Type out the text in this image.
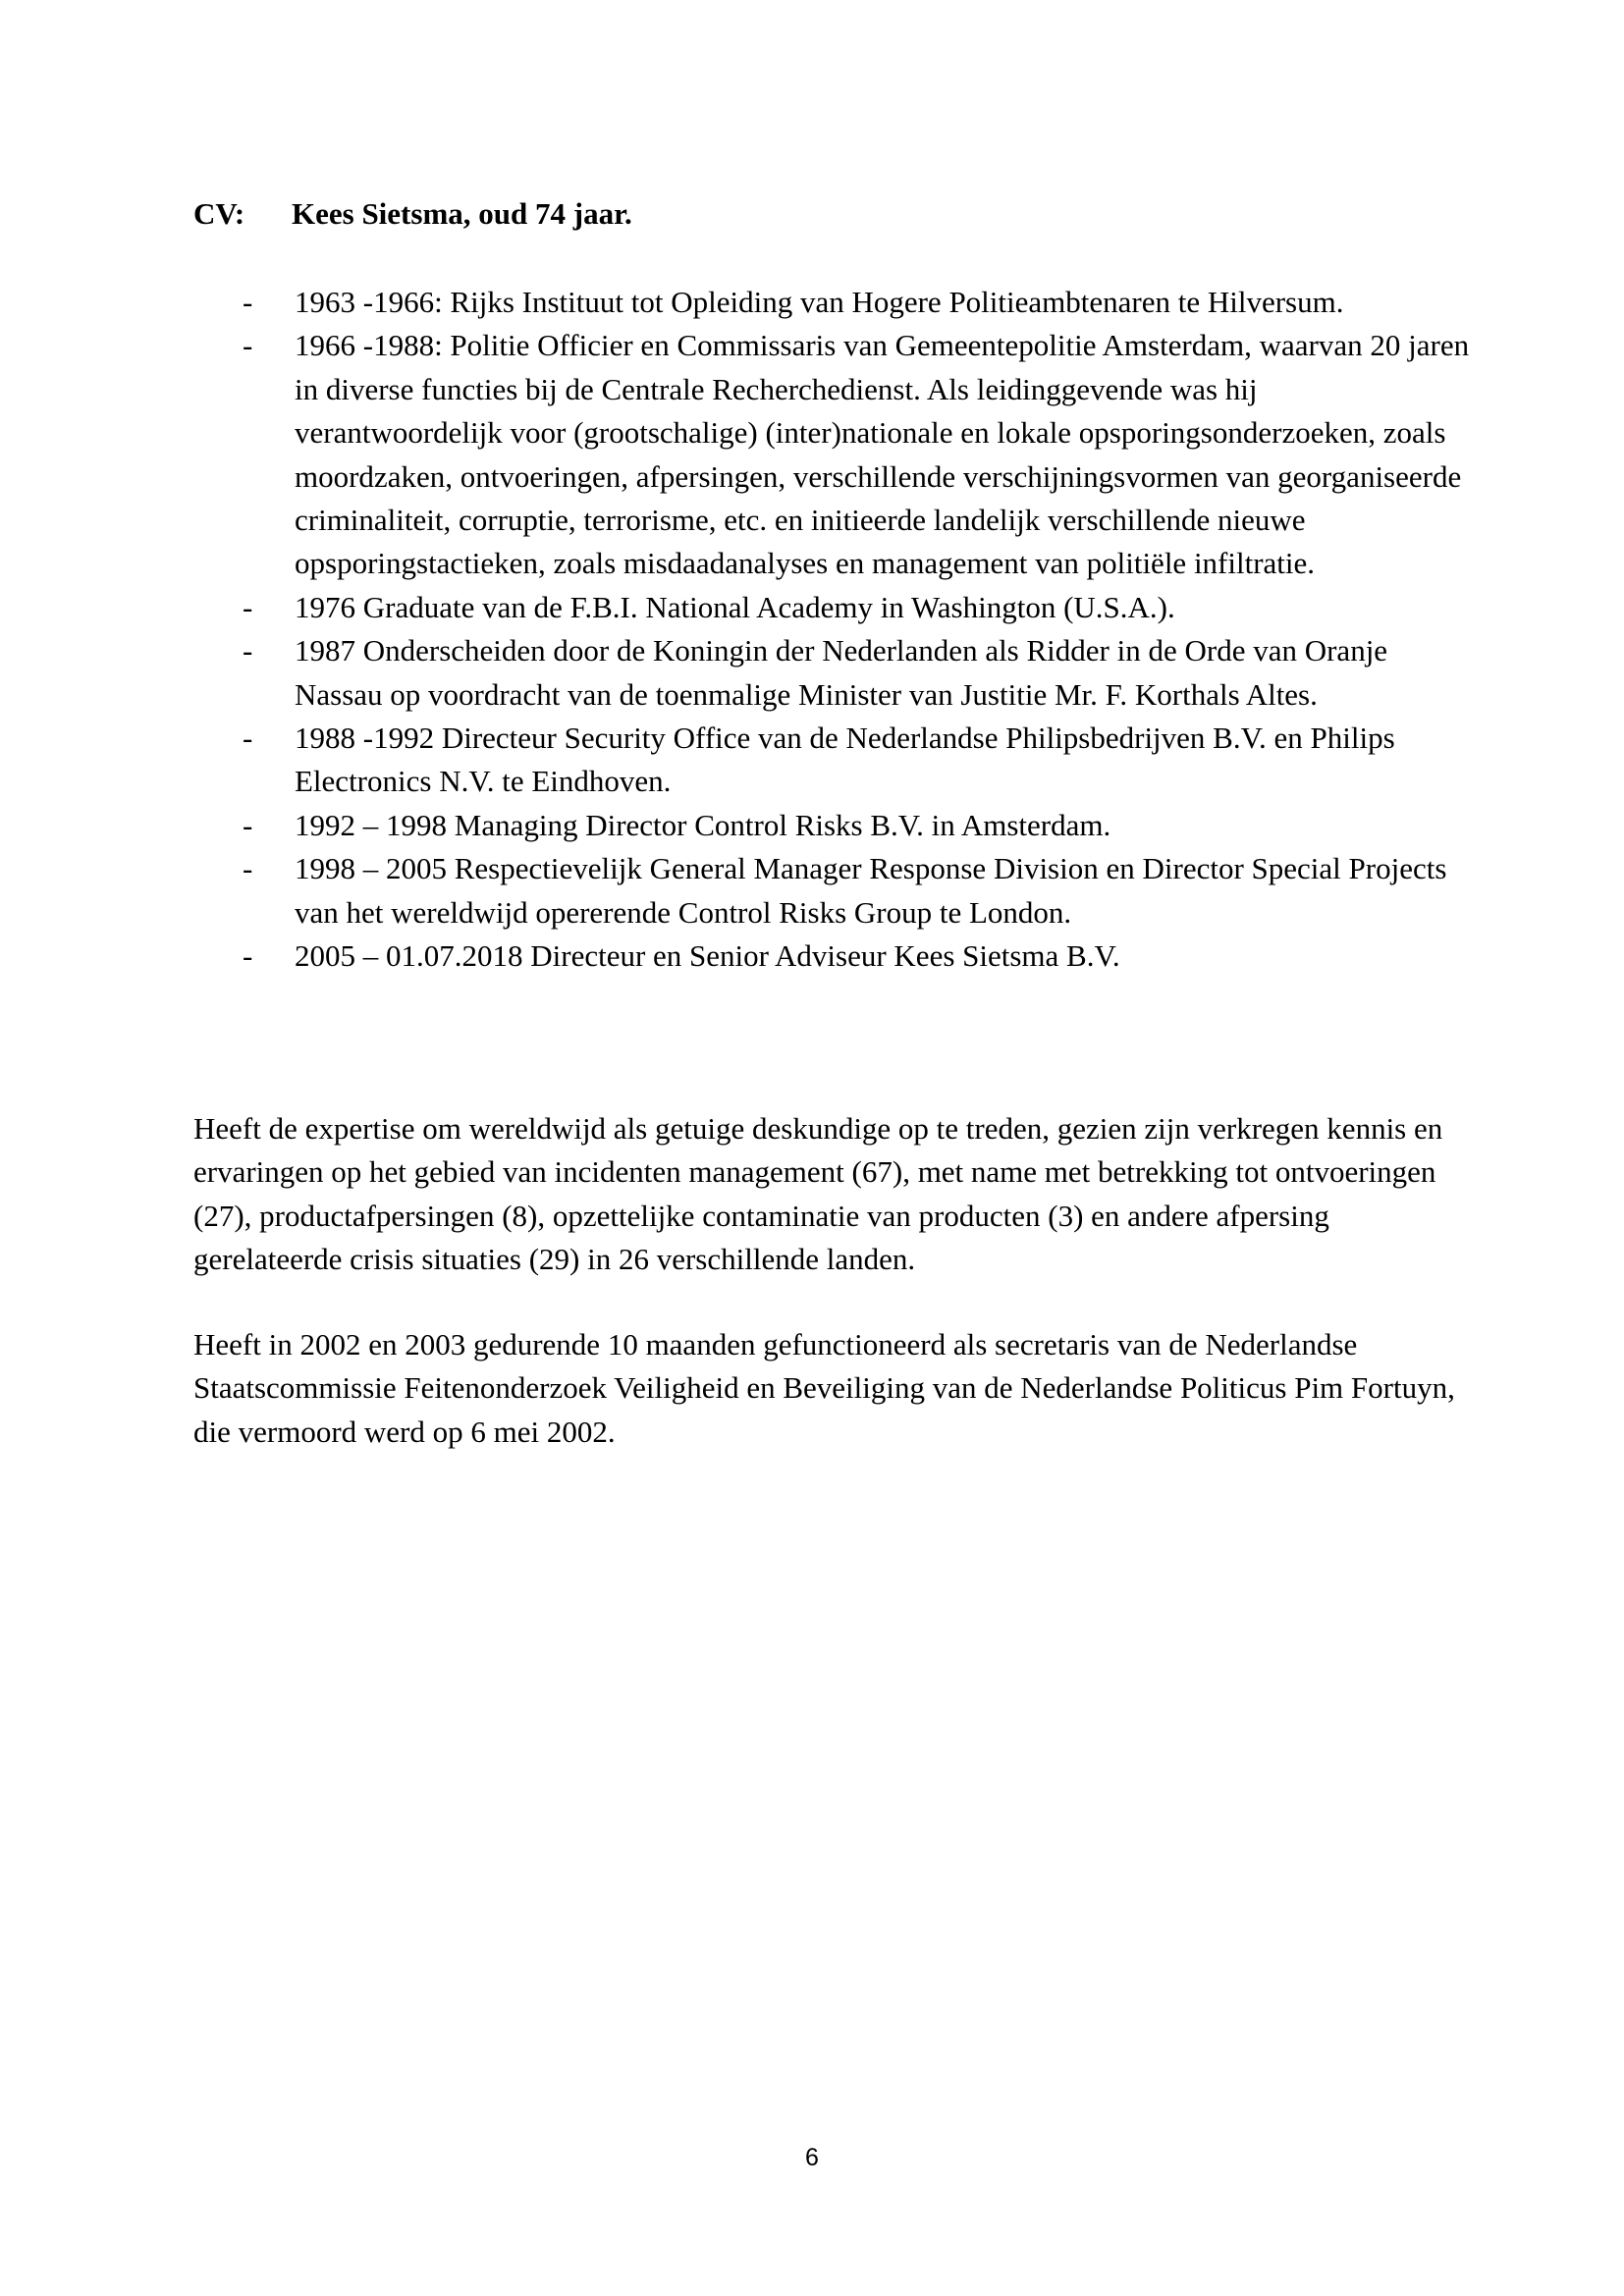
CV: Kees Sietsma, oud 74 jaar.
- 1963 -1966: Rijks Instituut tot Opleiding van Hogere Politieambtenaren te Hilversum.
- 1966 -1988: Politie Officier en Commissaris van Gemeentepolitie Amsterdam, waarvan 20 jaren in diverse functies bij de Centrale Recherchedienst. Als leidinggevende was hij verantwoordelijk voor (grootschalige) (inter)nationale en lokale opsporingsonderzoeken, zoals moordzaken, ontvoeringen, afpersingen, verschillende verschijningsvormen van georganiseerde criminaliteit, corruptie, terrorisme, etc. en initieerde landelijk verschillende nieuwe opsporingstactieken, zoals misdaadanalyses en management van politiële infiltratie.
- 1976 Graduate van de F.B.I. National Academy in Washington (U.S.A.).
- 1987 Onderscheiden door de Koningin der Nederlanden als Ridder in de Orde van Oranje Nassau op voordracht van de toenmalige Minister van Justitie Mr. F. Korthals Altes.
- 1988 -1992 Directeur Security Office van de Nederlandse Philipsbedrijven B.V. en Philips Electronics N.V. te Eindhoven.
- 1992 – 1998 Managing Director Control Risks B.V. in Amsterdam.
- 1998 – 2005 Respectievelijk General Manager Response Division en Director Special Projects van het wereldwijd opererende Control Risks Group te London.
- 2005 – 01.07.2018 Directeur en Senior Adviseur Kees Sietsma B.V.

Heeft de expertise om wereldwijd als getuige deskundige op te treden, gezien zijn verkregen kennis en ervaringen op het gebied van incidenten management (67), met name met betrekking tot ontvoeringen (27), productafpersingen (8), opzettelijke contaminatie van producten (3) en andere afpersing gerelateerde crisis situaties (29) in 26 verschillende landen.

Heeft in 2002 en 2003 gedurende 10 maanden gefunctioneerd als secretaris van de Nederlandse Staatscommissie Feitenonderzoek Veiligheid en Beveiliging van de Nederlandse Politicus Pim Fortuyn, die vermoord werd op 6 mei 2002.

6
